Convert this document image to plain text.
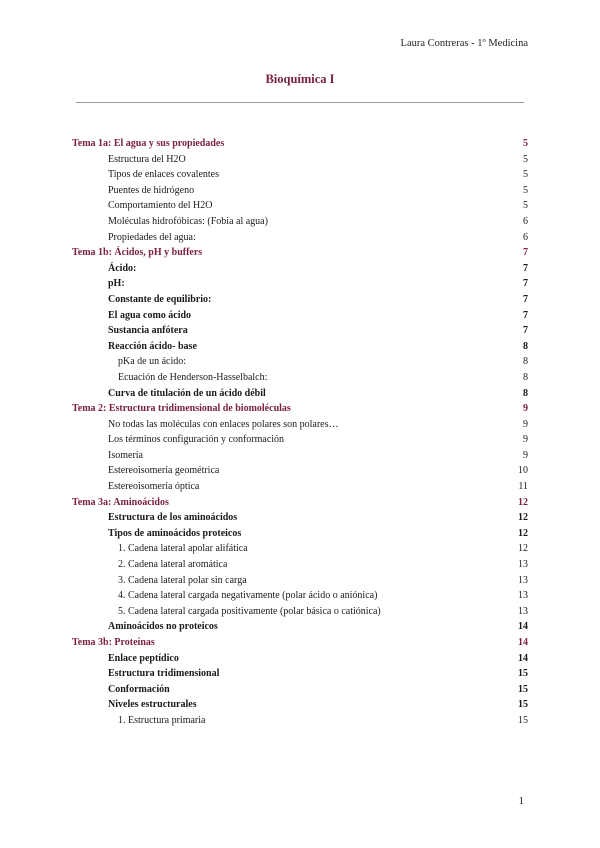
Laura Contreras - 1º Medicina
Bioquímica I
Tema 1a: El agua y sus propiedades	5
Estructura del H2O	5
Tipos de enlaces covalentes	5
Puentes de hidrógeno	5
Comportamiento del H2O	5
Moléculas hidrofóbicas: (Fobia al agua)	6
Propiedades del agua:	6
Tema 1b: Ácidos, pH y buffers	7
Ácido:	7
pH:	7
Constante de equilibrio:	7
El agua como ácido	7
Sustancia anfótera	7
Reacción ácido- base	8
pKa de un ácido:	8
Ecuación de Henderson-Hasselbalch:	8
Curva de titulación de un ácido débil	8
Tema 2: Estructura tridimensional de biomoléculas	9
No todas las moléculas con enlaces polares son polares…	9
Los términos configuración y conformación	9
Isomería	9
Estereoisomería geométrica	10
Estereoisomería óptica	11
Tema 3a: Aminoácidos	12
Estructura de los aminoácidos	12
Tipos de aminoácidos proteicos	12
1. Cadena lateral apolar alifática	12
2. Cadena lateral aromática	13
3. Cadena lateral polar sin carga	13
4. Cadena lateral cargada negativamente (polar ácido o aniónica)	13
5. Cadena lateral cargada positivamente (polar básica o catiónica)	13
Aminoácidos no proteicos	14
Tema 3b: Proteínas	14
Enlace peptídico	14
Estructura tridimensional	15
Conformación	15
Niveles estructurales	15
1. Estructura primaria	15
1
